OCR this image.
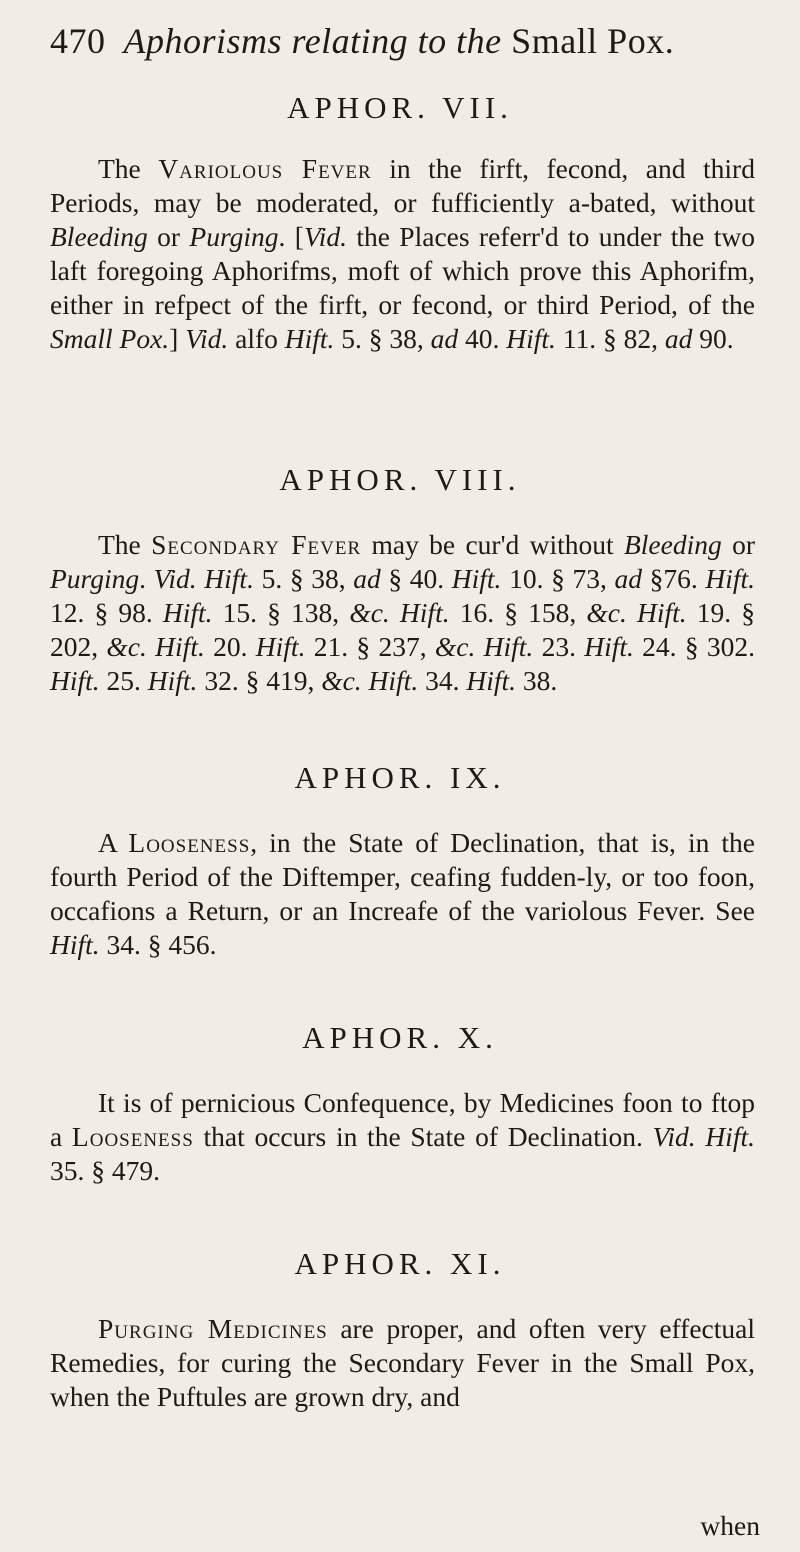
470 Aphorisms relating to the Small Pox.
APHOR. VII.
The Variolous Fever in the firft, fecond, and third Periods, may be moderated, or fufficiently a-bated, without Bleeding or Purging. [Vid. the Places referr'd to under the two laft foregoing Aphorifms, moft of which prove this Aphorifm, either in refpect of the firft, or fecond, or third Period, of the Small Pox.] Vid. alfo Hift. 5. § 38, ad 40. Hift. 11. § 82, ad 90.
APHOR. VIII.
The Secondary Fever may be cur'd without Bleeding or Purging. Vid. Hift. 5. § 38, ad § 40. Hift. 10. § 73, ad §76. Hift. 12. § 98. Hift. 15. § 138, &c. Hift. 16. § 158, &c. Hift. 19. § 202, &c. Hift. 20. Hift. 21. § 237, &c. Hift. 23. Hift. 24. § 302. Hift. 25. Hift. 32. § 419, &c. Hift. 34. Hift. 38.
APHOR. IX.
A Looseness, in the State of Declination, that is, in the fourth Period of the Diftemper, ceafing fudden-ly, or too foon, occafions a Return, or an Increafe of the variolous Fever. See Hift. 34. § 456.
APHOR. X.
It is of pernicious Confequence, by Medicines foon to ftop a Looseness that occurs in the State of Declination. Vid. Hift. 35. § 479.
APHOR. XI.
Purging Medicines are proper, and often very effectual Remedies, for curing the Secondary Fever in the Small Pox, when the Puftules are grown dry, and
when
